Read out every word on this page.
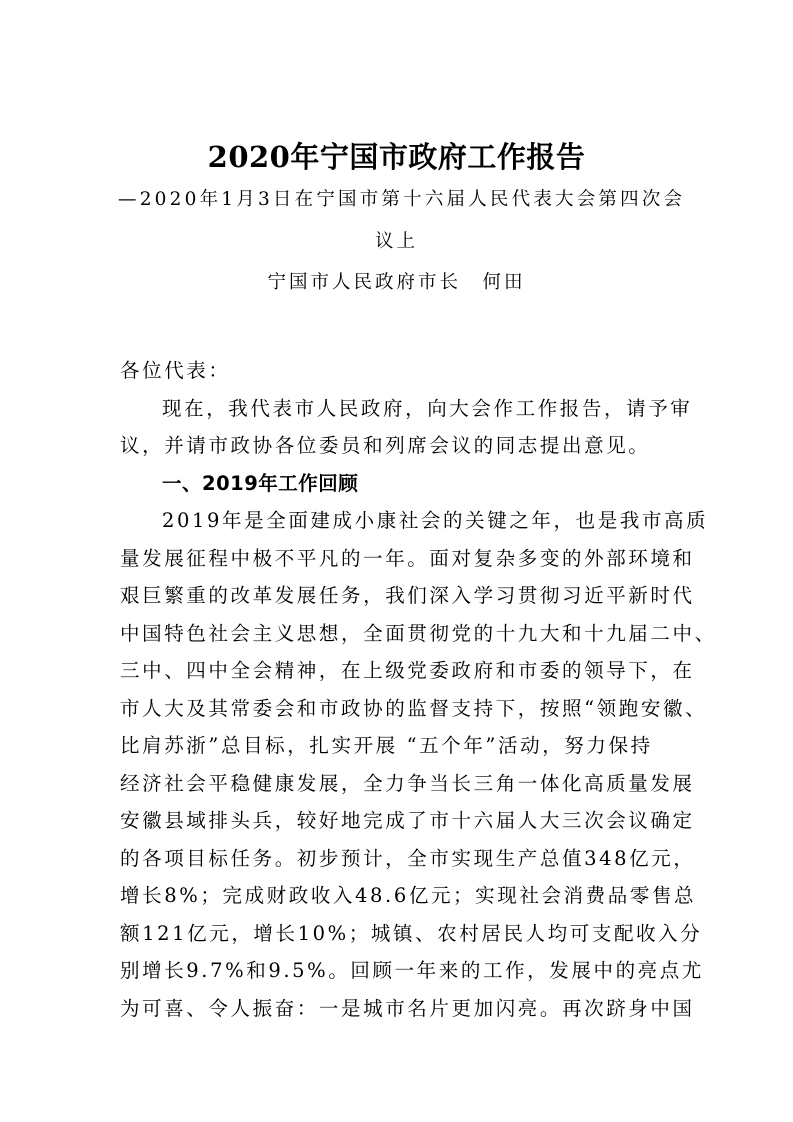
2020年宁国市政府工作报告
—2020年1月3日在宁国市第十六届人民代表大会第四次会
议上
宁国市人民政府市长　何田
各位代表：
现在，我代表市人民政府，向大会作工作报告，请予审
议，并请市政协各位委员和列席会议的同志提出意见。
一、2019年工作回顾
2019年是全面建成小康社会的关键之年，也是我市高质
量发展征程中极不平凡的一年。面对复杂多变的外部环境和
艰巨繁重的改革发展任务，我们深入学习贯彻习近平新时代
中国特色社会主义思想，全面贯彻党的十九大和十九届二中、
三中、四中全会精神，在上级党委政府和市委的领导下，在
市人大及其常委会和市政协的监督支持下，按照“领跑安徽、
比肩苏浙”总目标，扎实开展 “五个年”活动，努力保持
经济社会平稳健康发展，全力争当长三角一体化高质量发展
安徽县域排头兵，较好地完成了市十六届人大三次会议确定
的各项目标任务。初步预计，全市实现生产总值348亿元，
增长8%；完成财政收入48.6亿元；实现社会消费品零售总
额121亿元，增长10%；城镇、农村居民人均可支配收入分
别增长9.7%和9.5%。回顾一年来的工作，发展中的亮点尤
为可喜、令人振奋：一是城市名片更加闪亮。再次跻身中国
